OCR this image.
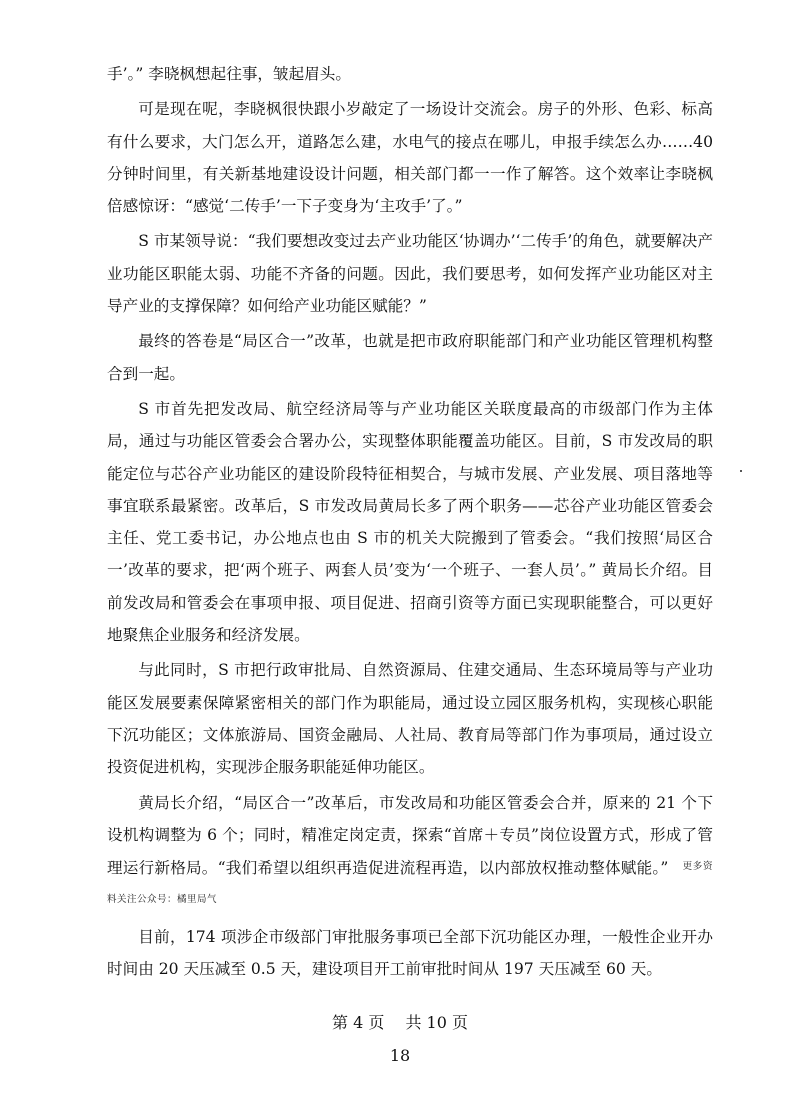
手’。” 李晓枫想起往事，皱起眉头。

可是现在呢，李晓枫很快跟小岁敲定了一场设计交流会。房子的外形、色彩、标高有什么要求，大门怎么开，道路怎么建，水电气的接点在哪儿，申报手续怎么办……40 分钟时间里，有关新基地建设设计问题，相关部门都一一作了解答。这个效率让李晓枫倍感惊讶：“感觉‘二传手’一下子变身为‘主攻手’了。”

S 市某领导说：“我们要想改变过去产业功能区‘协调办’‘二传手’的角色，就要解决产业功能区职能太弱、功能不齐备的问题。因此，我们要思考，如何发挥产业功能区对主导产业的支撑保障？如何给产业功能区赋能？”

最终的答卷是“局区合一”改革，也就是把市政府职能部门和产业功能区管理机构整合到一起。

S 市首先把发改局、航空经济局等与产业功能区关联度最高的市级部门作为主体局，通过与功能区管委会合署办公，实现整体职能覆盖功能区。目前，S 市发改局的职能定位与芯谷产业功能区的建设阶段特征相契合，与城市发展、产业发展、项目落地等事宜联系最紧密。改革后，S 市发改局黄局长多了两个职务——芯谷产业功能区管委会主任、党工委书记，办公地点也由 S 市的机关大院搬到了管委会。“我们按照‘局区合一’改革的要求，把‘两个班子、两套人员’变为‘一个班子、一套人员’。” 黄局长介绍。目前发改局和管委会在事项申报、项目促进、招商引资等方面已实现职能整合，可以更好地聚焦企业服务和经济发展。

与此同时，S 市把行政审批局、自然资源局、住建交通局、生态环境局等与产业功能区发展要素保障紧密相关的部门作为职能局，通过设立园区服务机构，实现核心职能下沉功能区；文体旅游局、国资金融局、人社局、教育局等部门作为事项局，通过设立投资促进机构，实现涉企服务职能延伸功能区。

黄局长介绍，“局区合一”改革后，市发改局和功能区管委会合并，原来的 21 个下设机构调整为 6 个；同时，精准定岗定责，探索“首席＋专员”岗位设置方式，形成了管理运行新格局。“我们希望以组织再造促进流程再造，以内部放权推动整体赋能。” $^{更多资料关注公众号:橘里局气}$

目前，174 项涉企市级部门审批服务事项已全部下沉功能区办理，一般性企业开办时间由 20 天压减至 0.5 天，建设项目开工前审批时间从 197 天压减至 60 天。

第 4 页 共 10 页
18
